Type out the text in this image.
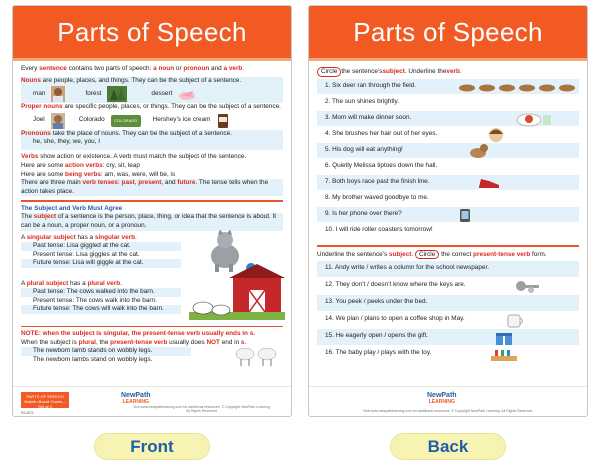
Parts of Speech
Every sentence contains two parts of speech: a noun or pronoun and a verb.
Nouns are people, places, and things. They can be the subject of a sentence.
man	forest	dessert
Proper nouns are specific people, places, or things. They can be the subject of a sentence.
Joel	Colorado	COLORADO	Hershey’s ice cream
Pronouns take the place of nouns. They can be the subject of a sentence.
he, she, they, we, you, I
Verbs show action or existence. A verb must match the subject of the sentence.
Here are some action verbs: cry, sit, leap
Here are some being verbs: am, was, were, will be, is
There are three main verb tenses: past, present, and future. The tense tells when the action takes place.
The Subject and Verb Must Agree
The subject of a sentence is the person, place, thing, or idea that the sentence is about. It can be a noun, a proper noun, or a pronoun.
A singular subject has a singular verb.
Past tense: Lisa giggled at the cat.
Present tense: Lisa giggles at the cat.
Future tense: Lisa will giggle at the cat.
A plural subject has a plural verb.
Past tense: The cows walked into the barn.
Present tense: The cows walk into the barn.
Future tense: The cows will walk into the barn.
NOTE: when the subject is singular, the present-tense verb usually ends in s.
When the subject is plural, the present-tense verb usually does NOT end in s.
The newborn lamb stands on wobbly legs.
The newborn lambs stand on wobbly legs.
PARTS OF SPEECH Bulletin Board Charts – Set of 4
93-4071
NewPath
LEARNING
Visit www.newpathlearning.com for additional resources. © Copyright NewPath Learning. All Rights Reserved.
Parts of Speech
Circle the sentence’s subject . Underline the verb .
1. Six deer ran through the field.
2. The sun shines brightly.
3. Mom will make dinner soon.
4. She brushes her hair out of her eyes.
5. His dog will eat anything!
6. Quietly Melissa tiptoes down the hall.
7. Both boys race past the finish line.
8. My brother waved goodbye to me.
9. Is her phone over there?
10. I will ride roller coasters tomorrow!
Underline the sentence’s subject. Circle the correct present-tense verb form.
11. Andy write / writes a column for the school newspaper.
12. They don’t / doesn’t know where the keys are.
13. You peek / peeks under the bed.
14. We plan / plans to open a coffee shop in May.
15. He eagerly open / opens the gift.
16. The baby play / plays with the toy.
NewPath
LEARNING
Visit www.newpathlearning.com for additional resources. © Copyright NewPath Learning. All Rights Reserved.
Front	Back
